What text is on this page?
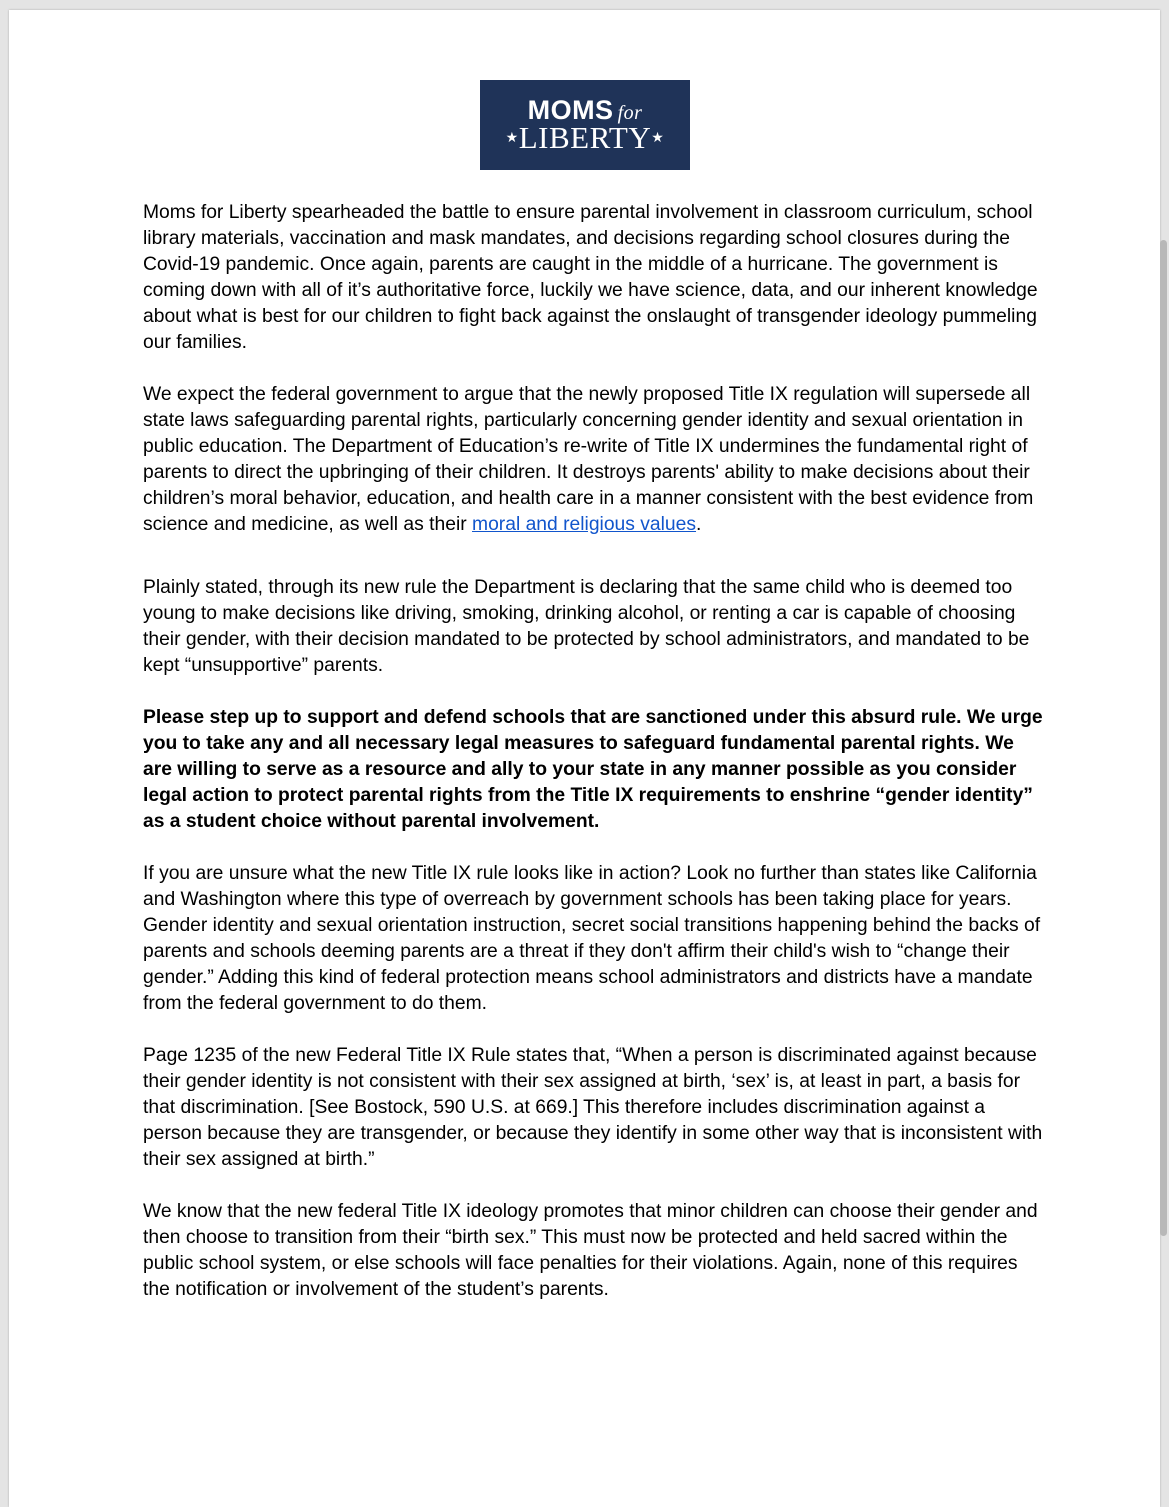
MOMS for
★LIBERTY★

Moms for Liberty spearheaded the battle to ensure parental involvement in classroom curriculum, school library materials, vaccination and mask mandates, and decisions regarding school closures during the Covid-19 pandemic. Once again, parents are caught in the middle of a hurricane. The government is coming down with all of it’s authoritative force, luckily we have science, data, and our inherent knowledge about what is best for our children to fight back against the onslaught of transgender ideology pummeling our families.

We expect the federal government to argue that the newly proposed Title IX regulation will supersede all state laws safeguarding parental rights, particularly concerning gender identity and sexual orientation in public education. The Department of Education’s re-write of Title IX undermines the fundamental right of parents to direct the upbringing of their children. It destroys parents' ability to make decisions about their children’s moral behavior, education, and health care in a manner consistent with the best evidence from science and medicine, as well as their moral and religious values.

Plainly stated, through its new rule the Department is declaring that the same child who is deemed too young to make decisions like driving, smoking, drinking alcohol, or renting a car is capable of choosing their gender, with their decision mandated to be protected by school administrators, and mandated to be kept “unsupportive” parents.

Please step up to support and defend schools that are sanctioned under this absurd rule. We urge you to take any and all necessary legal measures to safeguard fundamental parental rights. We are willing to serve as a resource and ally to your state in any manner possible as you consider legal action to protect parental rights from the Title IX requirements to enshrine “gender identity” as a student choice without parental involvement.

If you are unsure what the new Title IX rule looks like in action? Look no further than states like California and Washington where this type of overreach by government schools has been taking place for years. Gender identity and sexual orientation instruction, secret social transitions happening behind the backs of parents and schools deeming parents are a threat if they don't affirm their child's wish to “change their gender.” Adding this kind of federal protection means school administrators and districts have a mandate from the federal government to do them.

Page 1235 of the new Federal Title IX Rule states that, “When a person is discriminated against because their gender identity is not consistent with their sex assigned at birth, ‘sex’ is, at least in part, a basis for that discrimination. [See Bostock, 590 U.S. at 669.] This therefore includes discrimination against a person because they are transgender, or because they identify in some other way that is inconsistent with their sex assigned at birth.”

We know that the new federal Title IX ideology promotes that minor children can choose their gender and then choose to transition from their “birth sex.” This must now be protected and held sacred within the public school system, or else schools will face penalties for their violations. Again, none of this requires the notification or involvement of the student’s parents.
